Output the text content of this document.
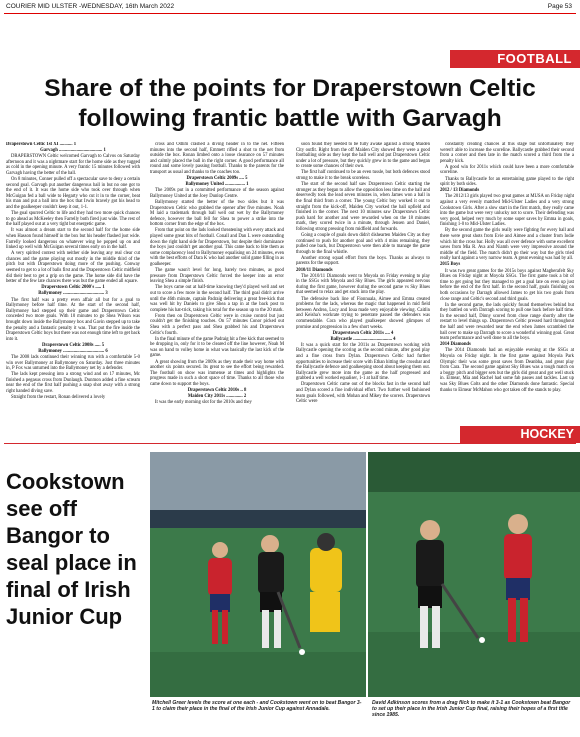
COURIER MID ULSTER -WEDNESDAY, 16th March 2022	Page 53
FOOTBALL
Share of the points for Draperstown Celtic
following frantic battle with Garvagh

Draperstown Celtic 1st XI ........... 1

Garvagh ..................................... 1

DRAPERSTOWN Celtic welcomed Garvagh to Calvos on Saturday afternoon and it was a nightmare start for the home side as they tugged as cold in the opening minute. A very frantic 15 minutes followed with Garvagh having the better of the ball.

On 8 minutes, Conner pulled off a spectacular save to deny a certain second goal. Garvagh put another dangerous ball in but no one got to the end of it. It was the home side who took over through when McGuigan fed a ball wide to Hegarty who cut it in to the corner, beat his man and put a ball into the box that Irwin bravely got his head to and the goalkeeper couldn't keep it out, 1-1.

The goal spurred Celtic to life and they had two more quick chances to go ahead as McKeeley then Farrelly both fired just wide. The rest of the half played out at a very tight but energetic game.

It was almost a dream start to the second half for the home side when Hasson found himself in the box but his header flashed just wide. Farrelly looked dangerous on whatever wing he popped up on and linked up well with McGuigan several times early on in the half.

A very spirited contest with neither side leaving any real clear cut chances and the game playing out mostly in the middle third of the pitch but with Draperstown doing more of the pushing. Conway seemed to get to a lot of balls first and the Draperstown Celtic midfield did their best to get a grip on the game. The home side did have the better of the few late chances there was but the game ended all square.

Draperstown Celtic 2000's ..... 1

Ballymoney ................................... 3

The first half was a pretty even affair all but for a goal to Ballymoney before half time. At the start of the second half, Ballymoney had stepped up their game and Draperstown Celtic conceded two more goals. With 10 minutes to go Shea Wilson was brought down inside the Ballymoney box and Gavin stepped up to take the penalty and a fantastic penalty it was. That put the fire inside the Draperstown Celtic boys but there was not enough time left to get back into it.

Draperstown Celtic 2008s ..... 5

Ballymoney ................................... 6

The 2008 lads continued their winning run with a comfortable 5-0 win over Ballymoney at Ballymoney on Saturday. Just three minutes in, P Fox was unturned into the Ballymoney net by a defender.

The lads kept pressing into a strong wind and on 17 minutes, Mc finished a pegasus cross from Dunlaugh. Dunmon added a fine scream near the end of the first half pushing a snap shot away with a strong right handed diving save.

Straight from the restart, Ronan delivered a lovely

cross and Odlim crashed a diving header in to the net. Fifteen minutes into the second half, Emmett rifled a shot to the net from outside the box. Ronan limbed onto a loose clearance on 57 minutes and calmly placed the ball in the right corner. A good performance all round and some lovely passing football. Thanks to the parents for the transport as usual and thanks to the coaches too.

Draperstown Celtic 2009s .... 5

Ballymoney United ................. 1

The 2009s put in a committed performance of the season against Ballymoney United at the Joey Dunlop Centre.

Ballymoney started the better of the two sides but it was Draperstown Celtic who grabbed the opener after five minutes. Noah M laid a trademark through ball well out wet by the Ballymoney defence, however the ball fell for Shea to power a strike into the bottom corner from the edge of the box.

From that point on the lads looked threatening with every attack and played some great bits of football. Conall and Dan L were outstanding down the right hand side for Draperstown, but despite their dominance the boys just couldn't get another goal. This came back to bite them as some complacency lead to Ballymoney equalising on 24 minutes, even with the best efforts of Dara K who had another solid game filling in as goalkeeper.

The game wasn't level for long, barely two minutes, as good pressure from Draperstown Celtic forced the keeper into an error leaving Shea a simple finish.

The boys came out at half-time knowing they'd played well and set out to score a few more in the second half. The third goal didn't arrive until the 46th minute, captain Padraig delivering a great free-kick that was well hit by Daniels to give Shea a tap in at the back post to complete his hat-trick, taking his total for the season up to the 20 mark.

From then on Draperstown Celtic were in cruise control but just couldn't get the finishing touches. On 57 minutes Conor picked out Shea with a perfect pass and Shea grabbed his and Draperstown Celtic's fourth.

In the final minute of the game Padraig hit a free kick that seemed to be dropping in, only for it to be cleared off the line however, Noah M was on hand to volley home in what was basically the last kick of the game.

A great showing from the 2009s as they made their way home with another six points secured. Its great to see the effort being rewarded. The football on show was immense at times and highlights the progress made in such a short space of time. Thanks to all those who came down to support the boys.

Draperstown Celtic 2010s .. 8

Maiden City 2011s .............. 2

It was the early morning slot for the 2010s and they

soon found they needed to be fully awake against a strong Maiden City outfit. Right from the off Maiden City showed they were a good footballing side as they kept the ball well and put Draperstown Celtic under a lot of pressure, but they quickly grew in to the game and began to create some chances of their own.

The first half continued to be an even tussle, but both defences stood strong to make it to the break scoreless.

The start of the second half saw Draperstown Celtic starting the stronger as they began to allow the opposition less time on the ball and deservedly took the lead seven minutes in, when James won a ball in the final third from a corner. The young Celtic boy worked it out to straight from the kick-off, Maiden City worked the ball upfield and finished in the corner. The next 10 minutes saw Draperstown Celtic push hard for another and were rewarded when on the 18 minutes mark, they scored twice in a minute, through Jensen and Daniel, following strong pressing from midfield and forwards.

Going a couple of goals down didn't dishearten Maiden City as they continued to push for another goal and with 4 mins remaining, they pulled one back, but Draperstown were then able to manage the game through to the final whistle.

Another strong squad effort from the boys. Thanks as always to parents for the support.

2010/11 Diamonds

The 2010/11 Diamonds went to Moyola on Friday evening to play in the SSGs with Moyola and Sky Blues. The girls appeared nervous during the first game, however during the second game vs Sky Blues that seemed to relax and get stuck into the play.

The defensive back line of Fionnuala, Aimee and Emma created problems for the lads, whereas the magic that happened in mid field between Andrea, Lucy and Ioua made very enjoyable viewing. Caitlin and Keisha's workrate trying to penetrate passed the defenders was commendable. Cora who played goalkeeper showed glimpses of promise and progression in a few short weeks.

Draperstown Celtic 2011s .... 4

Ballycastle ................................. 4

It was a quick start for the 2011s as Draperstown working with Ballycastle opening the scoring as the second minute, after good play and a fine cross from Dylan. Draperstown Celtic had further opportunities to increase their score with Ethan hitting the crossbar and the Ballycastle defence and goalkeeping stood about keeping them out. Ballycastle grew more into the game as the half progressed and grabbed a well worked equaliser, 1-1 at half time.

Draperstown Celtic came out of the blocks fast in the second half and Dylan scored a fine individual effort. Two further well fashioned team goals followed, with Mohan and Mikey the scorers. Draperstown Celtic were

constantly creating chances at this stage but unfortunately they weren't able to increase the scoreline. Ballycastle grabbed their second from a corner and then late in the match scored a third from the a penalty kick.

A good win for 2011s which could have been a more comfortable scoreline.

Thanks to Ballycastle for an entertaining game played to the right spirit by both sides.

2012 / 13 Diamonds

The 2012/13 girls played two great games at MUSA on Friday night against a very evenly matched Mid-Ulster Ladies and a very strong Cookstown Girls. After a slow start in the first match, they really came into the game but were very unlucky not to score. Their defending was very good, helped very much by some super saves by Emma in goals, finishing 1-0 to Mid-Ulster Ladies.

By the second game the girls really were fighting for every ball and there were great shots from Evie and Aimee and a cluster from Iodie which hit the cross bar. Holly was all over defence with some excellent saves from Mia R. Ava and Niamh were very impressive around the middle of the field. The match didn't go their way but the girls tried really hard against a very narrow team. A great evening was had by all.

2015 Boys

It was two great games for the 2015s boys against Magherafelt Sky Blues on Friday night at Moyola SSGs. The first game took a bit of time to get going but they managed to get a goal late on even up just before the end of the first half. In the second half, goals finishing on both occasions by Darragh allowed James to get his two goals from close range and Celtic's second and third goals.

In the second game, the lads quickly found themselves behind but they battled on with Darragh scoring to pull one back before half time. In the second half, Dinny scored from close range shortly after the restart to level things up. Draperstown Celtic pressed hard throughout the half and were rewarded near the end when James scrambled the ball over to make up Darragh to score a wonderful winning goal. Great team performance and well done to all the boys.

2014 Diamonds

The 2014 Diamonds had an enjoyable evening at the SSGs at Moyola on Friday night. In the first game against Moyola Park Olympic their was some great saves from Deanbha, and great play from Cara. The second game against Sky Blues was a tough match on a boggy pitch and bigger sets but the girls did great and got well stuck in. Eimear, Mia and Rachel had some fab passes and tackles. Last up was Sky Blues Colts and the other Diamonds done fantastic. Special thanks to Eimear McMahon who got taken off the stands to play.

HOCKEY
Cookstown see off Bangor to seal place in final of Irish Junior Cup
Mitchell Greer levels the score at one each - and Cookstown went on to beat Bangor 3-1 to claim their place in the final of the Irish Junior Cup against Annadale.
David Adkinson scores from a drag flick to make it 3-1 as Cookstown beat Bangor to set up their place in the Irish Junior Cup final, raising their hopes of a first title since 1985.
